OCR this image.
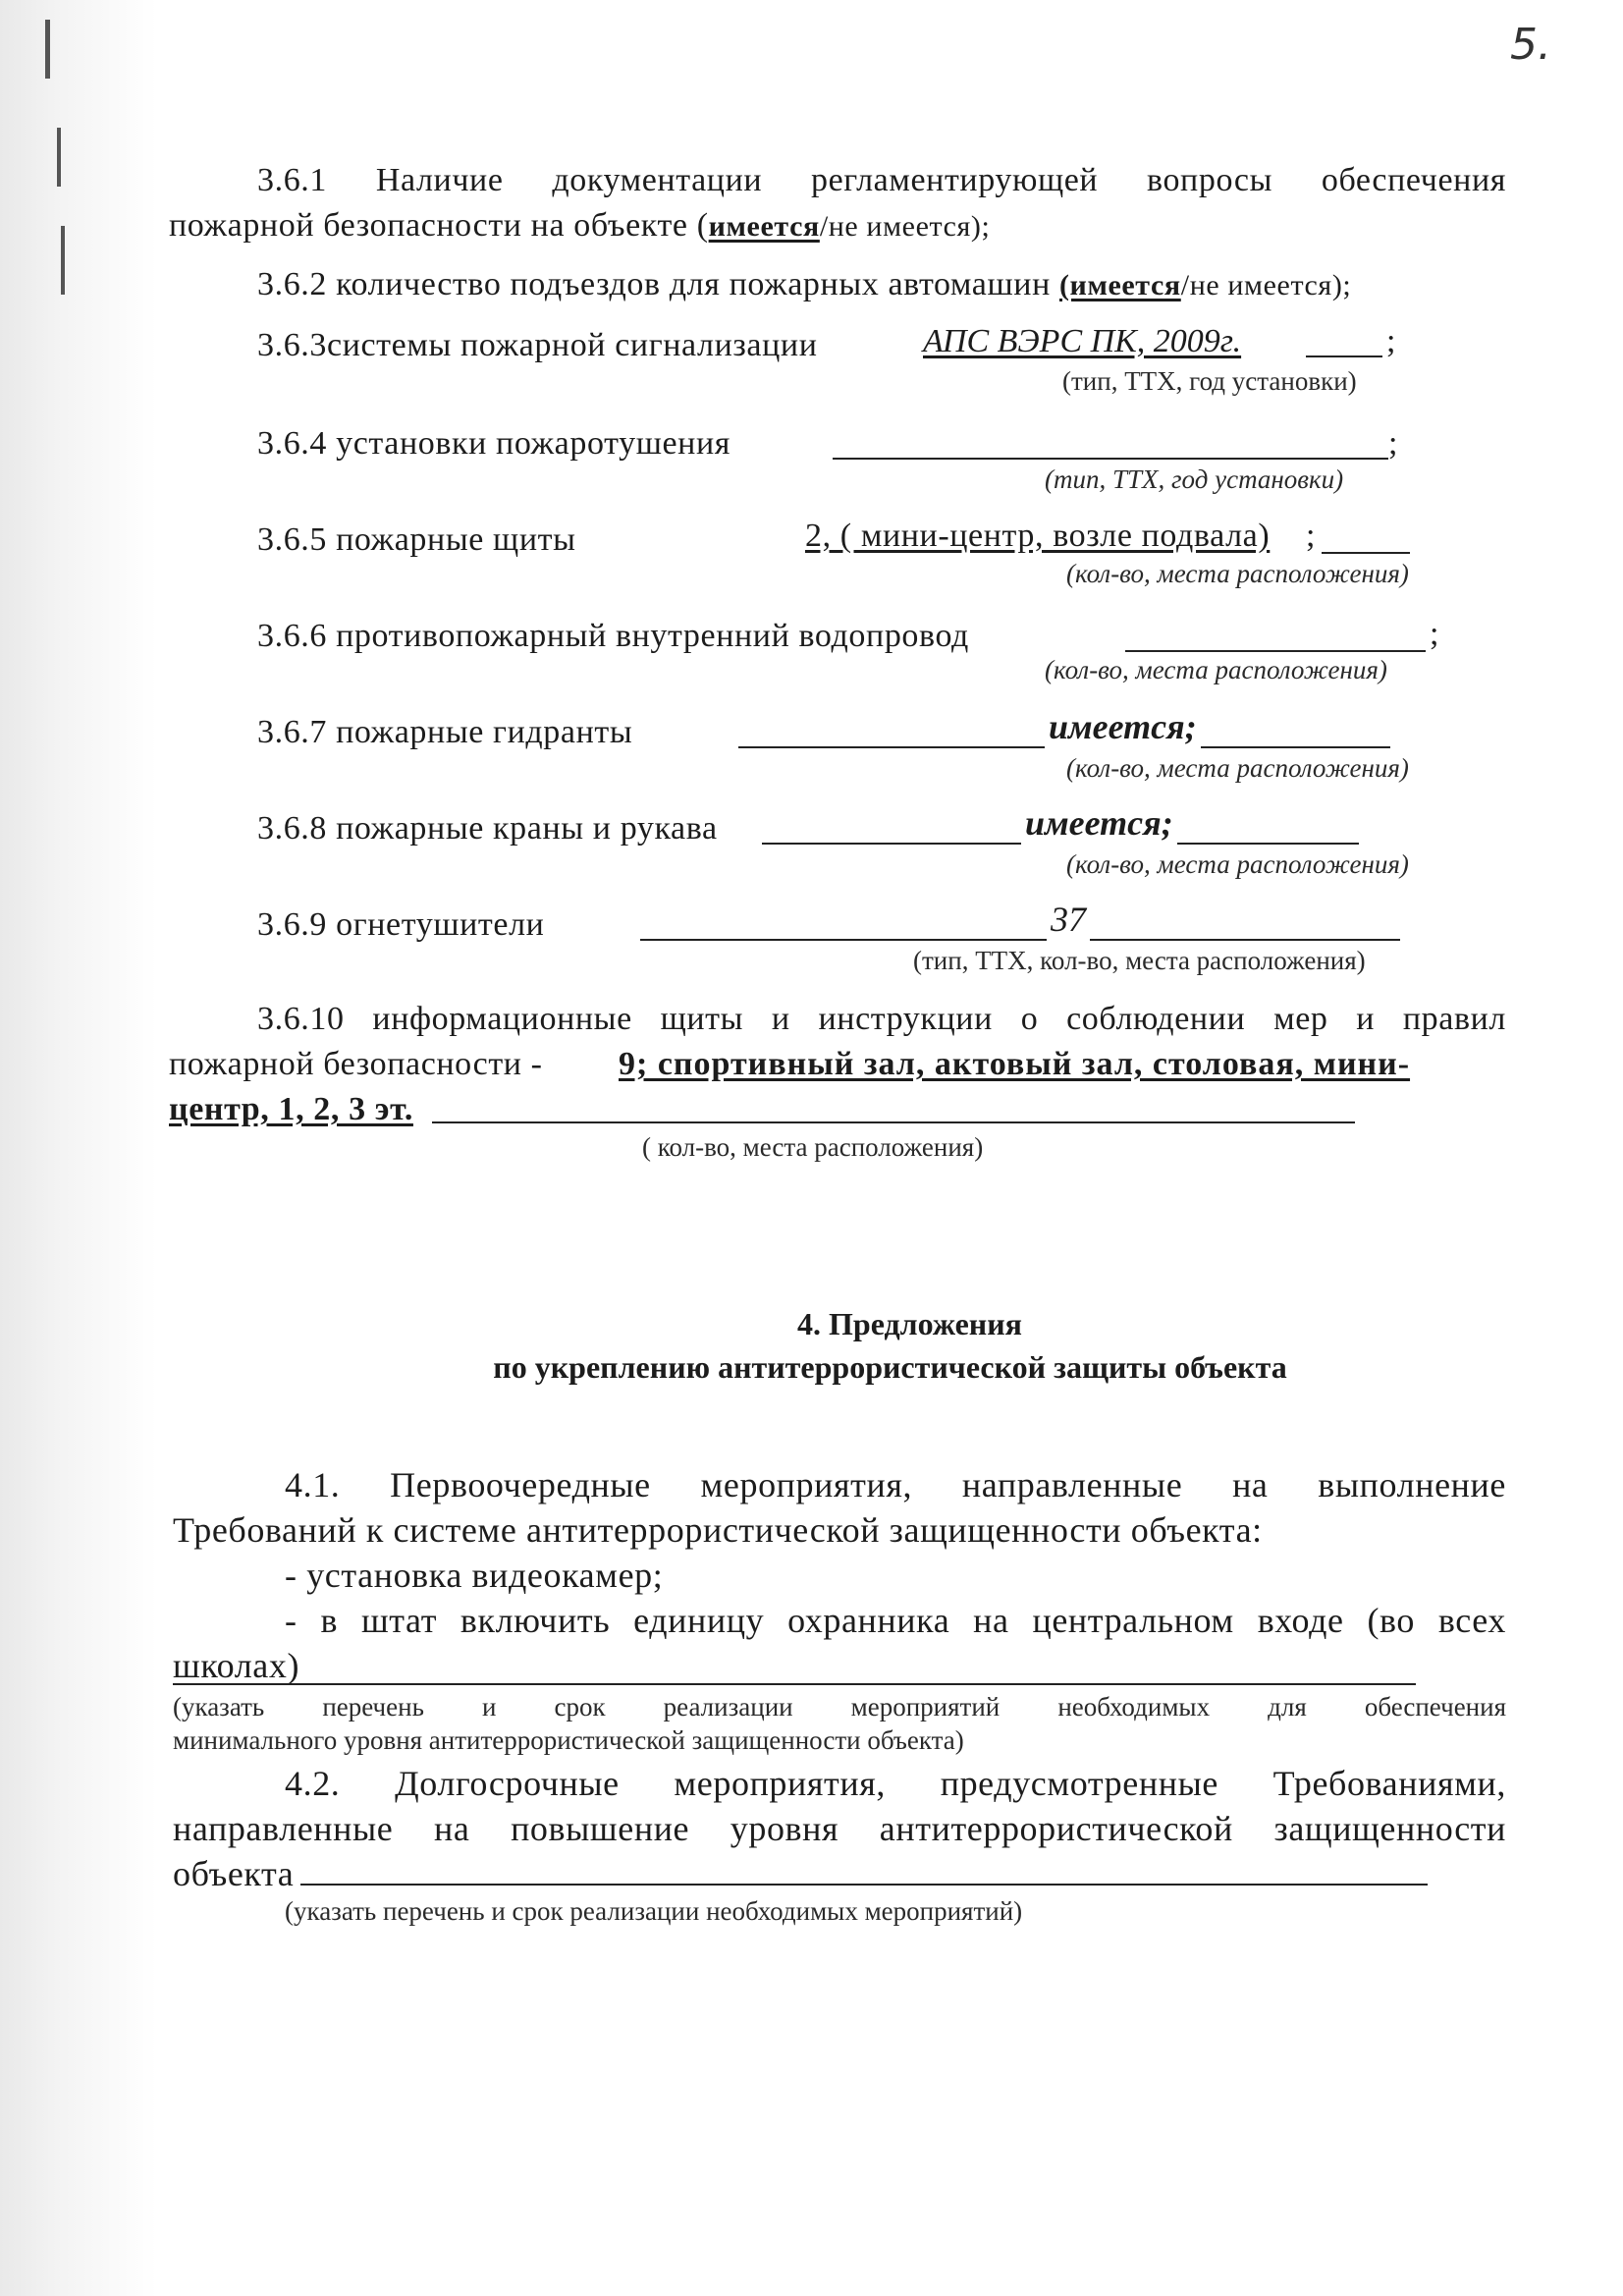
5.
3.6.1 Наличие документации регламентирующей вопросы обеспечения
пожарной безопасности на объекте (имеется/не имеется);
3.6.2 количество подъездов для пожарных автомашин (имеется/не имеется);
3.6.3системы пожарной сигнализации	АПС ВЭРС ПК, 2009г.	;
(тип, ТТХ, год установки)
3.6.4 установки пожаротушения	;
(тип, ТТХ, год установки)
3.6.5 пожарные щиты	2, ( мини-центр, возле подвала) ;
(кол-во, места расположения)
3.6.6 противопожарный внутренний водопровод	;
(кол-во, места расположения)
3.6.7 пожарные гидранты	имеется;
(кол-во, места расположения)
3.6.8 пожарные краны и рукава	имеется;
(кол-во, места расположения)
3.6.9 огнетушители	37
(тип, ТТХ, кол-во, места расположения)
3.6.10 информационные щиты и инструкции о соблюдении мер и правил
пожарной безопасности - 9; спортивный зал, актовый зал, столовая, мини-
центр, 1, 2, 3 эт.
( кол-во, места расположения)
4. Предложения
по укреплению антитеррористической защиты объекта
4.1. Первоочередные мероприятия, направленные на выполнение
Требований к системе антитеррористической защищенности объекта:
- установка видеокамер;
- в штат включить единицу охранника на центральном входе (во всех
школах)
(указать перечень и срок реализации мероприятий необходимых для обеспечения
минимального уровня антитеррористической защищенности объекта)
4.2. Долгосрочные мероприятия, предусмотренные Требованиями,
направленные на повышение уровня антитеррористической защищенности
объекта
(указать перечень и срок реализации необходимых мероприятий)
